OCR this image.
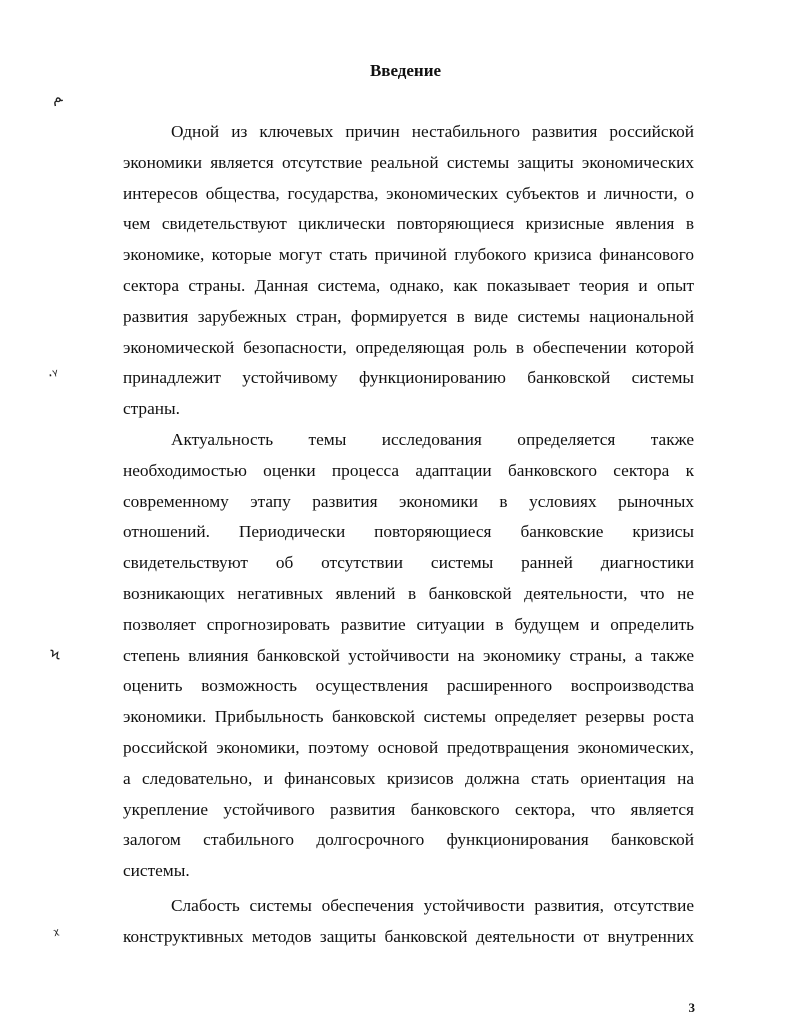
Введение
ﻢ
·ᵞ
Ϟ
ᵡ
Одной из ключевых причин нестабильного развития российской
экономики является отсутствие реальной системы защиты экономических
интересов общества, государства, экономических субъектов и личности, о
чем свидетельствуют циклически повторяющиеся кризисные явления в
экономике, которые могут стать причиной глубокого кризиса финансового
сектора страны. Данная система, однако, как показывает теория и опыт
развития зарубежных стран, формируется в виде системы национальной
экономической безопасности, определяющая роль в обеспечении которой
принадлежит устойчивому функционированию банковской системы
страны.
Актуальность темы исследования определяется также
необходимостью оценки процесса адаптации банковского сектора к
современному этапу развития экономики в условиях рыночных
отношений. Периодически повторяющиеся банковские кризисы
свидетельствуют об отсутствии системы ранней диагностики
возникающих негативных явлений в банковской деятельности, что не
позволяет спрогнозировать развитие ситуации в будущем и определить
степень влияния банковской устойчивости на экономику страны, а также
оценить возможность осуществления расширенного воспроизводства
экономики. Прибыльность банковской системы определяет резервы роста
российской экономики, поэтому основой предотвращения экономических,
а следовательно, и финансовых кризисов должна стать ориентация на
укрепление устойчивого развития банковского сектора, что является
залогом стабильного долгосрочного функционирования банковской
системы.
Слабость системы обеспечения устойчивости развития, отсутствие
конструктивных методов защиты банковской деятельности от внутренних
3
